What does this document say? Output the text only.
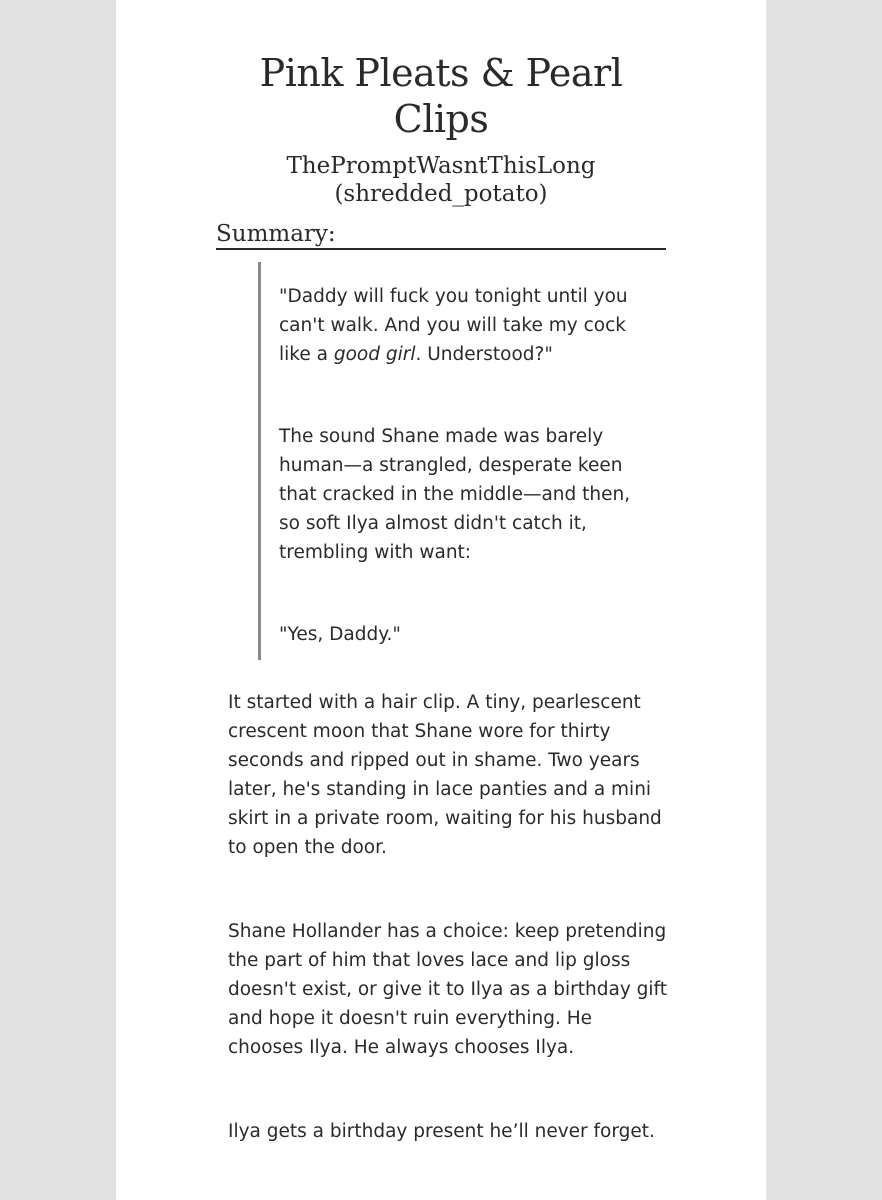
Pink Pleats & Pearl
Clips
ThePromptWasntThisLong
(shredded_potato)
Summary:

"Daddy will fuck you tonight until you can't walk. And you will take my cock like a good girl. Understood?"

The sound Shane made was barely human—a strangled, desperate keen that cracked in the middle—and then, so soft Ilya almost didn't catch it, trembling with want:

"Yes, Daddy."

It started with a hair clip. A tiny, pearlescent crescent moon that Shane wore for thirty seconds and ripped out in shame. Two years later, he's standing in lace panties and a mini skirt in a private room, waiting for his husband to open the door.

Shane Hollander has a choice: keep pretending the part of him that loves lace and lip gloss doesn't exist, or give it to Ilya as a birthday gift and hope it doesn't ruin everything. He chooses Ilya. He always chooses Ilya.

Ilya gets a birthday present he’ll never forget.
